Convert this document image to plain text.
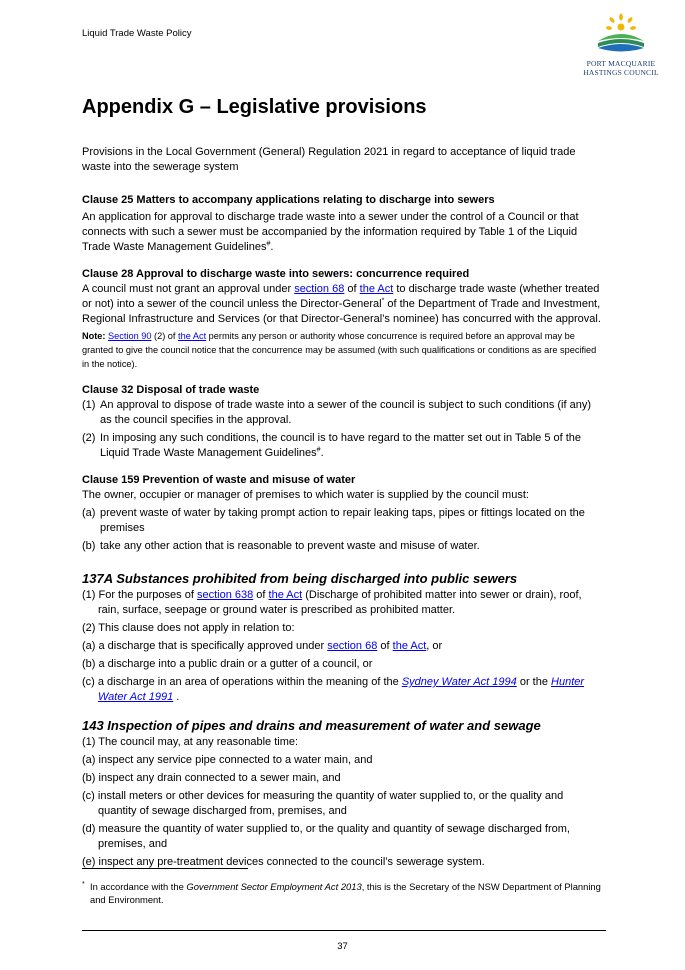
Liquid Trade Waste Policy
PORT MACQUARIE
HASTINGS COUNCIL
Appendix G – Legislative provisions

Provisions in the Local Government (General) Regulation 2021 in regard to acceptance of liquid trade waste into the sewerage system

Clause 25 Matters to accompany applications relating to discharge into sewers

An application for approval to discharge trade waste into a sewer under the control of a Council or that connects with such a sewer must be accompanied by the information required by Table 1 of the Liquid Trade Waste Management Guidelines#.

Clause 28 Approval to discharge waste into sewers: concurrence required

A council must not grant an approval under section 68 of the Act to discharge trade waste (whether treated or not) into a sewer of the council unless the Director-General* of the Department of Trade and Investment, Regional Infrastructure and Services (or that Director-General’s nominee) has concurred with the approval.

Note: Section 90 (2) of the Act permits any person or authority whose concurrence is required before an approval may be granted to give the council notice that the concurrence may be assumed (with such qualifications or conditions as are specified in the notice).

Clause 32 Disposal of trade waste

(1) An approval to dispose of trade waste into a sewer of the council is subject to such conditions (if any) as the council specifies in the approval.
(2) In imposing any such conditions, the council is to have regard to the matter set out in Table 5 of the Liquid Trade Waste Management Guidelines#.

Clause 159 Prevention of waste and misuse of water

The owner, occupier or manager of premises to which water is supplied by the council must:

(a) prevent waste of water by taking prompt action to repair leaking taps, pipes or fittings located on the premises
(b) take any other action that is reasonable to prevent waste and misuse of water.

137A Substances prohibited from being discharged into public sewers

(1) For the purposes of section 638 of the Act (Discharge of prohibited matter into sewer or drain), roof, rain, surface, seepage or ground water is prescribed as prohibited matter.

(2) This clause does not apply in relation to:

(a) a discharge that is specifically approved under section 68 of the Act, or

(b) a discharge into a public drain or a gutter of a council, or

(c) a discharge in an area of operations within the meaning of the Sydney Water Act 1994 or the Hunter Water Act 1991 .

143 Inspection of pipes and drains and measurement of water and sewage

(1) The council may, at any reasonable time:

(a) inspect any service pipe connected to a water main, and

(b) inspect any drain connected to a sewer main, and

(c) install meters or other devices for measuring the quantity of water supplied to, or the quality and quantity of sewage discharged from, premises, and

(d) measure the quantity of water supplied to, or the quality and quantity of sewage discharged from, premises, and

(e) inspect any pre-treatment devices connected to the council’s sewerage system.

* In accordance with the Government Sector Employment Act 2013, this is the Secretary of the NSW Department of Planning and Environment.
37
